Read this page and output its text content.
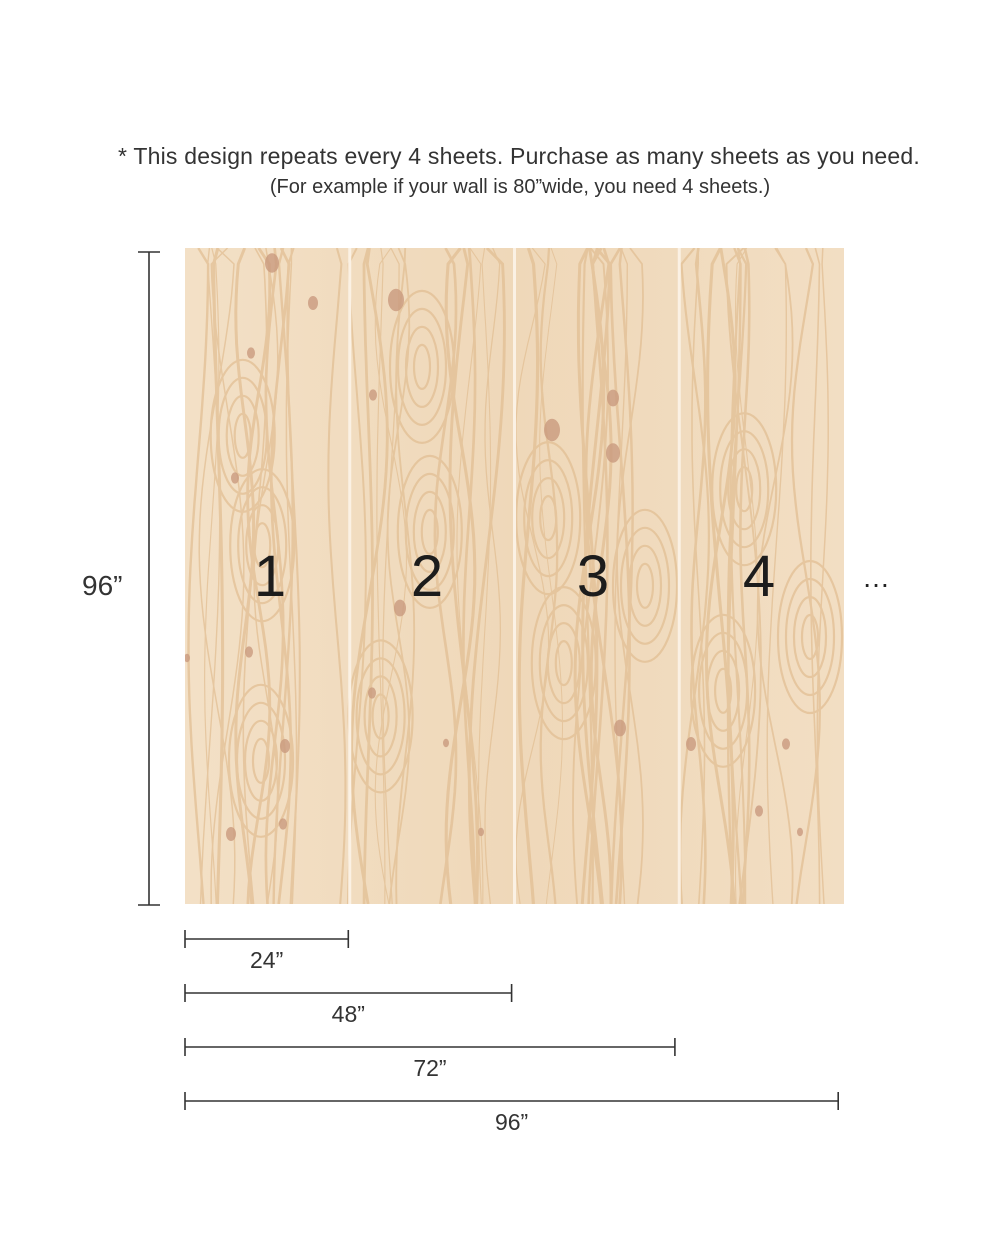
* This design repeats every 4 sheets. Purchase as many sheets as you need.
(For example if your wall is 80”wide, you need 4 sheets.)
96”	1	2	3	4	…
24”
48”
72”
96”
